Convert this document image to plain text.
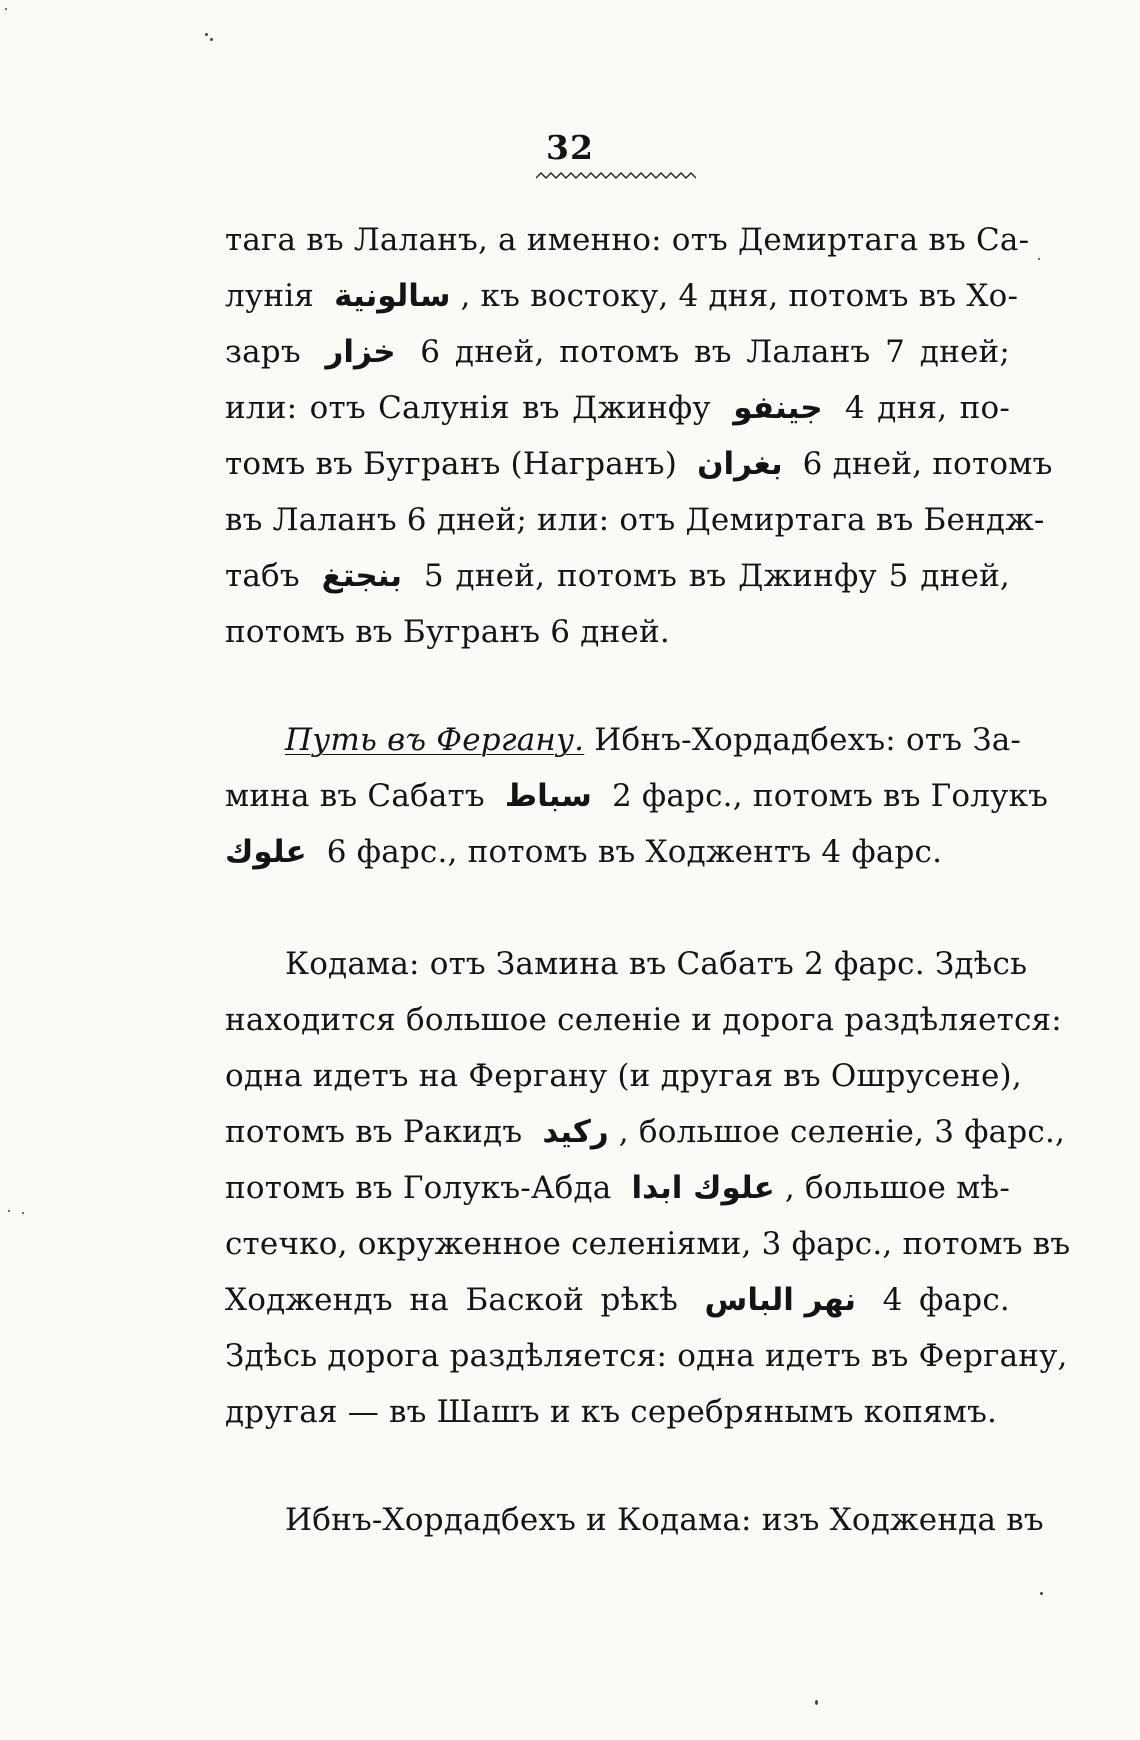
32
тага въ Лаланъ, а именно: отъ Демиртага въ Са-
лунія سالونية , къ востоку, 4 дня, потомъ въ Хо-
заръ خزار 6 дней, потомъ въ Лаланъ 7 дней;
или: отъ Салунія въ Джинфу جينفو 4 дня, по-
томъ въ Бугранъ (Награнъ) بغران 6 дней, потомъ
въ Лаланъ 6 дней; или: отъ Демиртага въ Бендж-
табъ بنجتغ 5 дней, потомъ въ Джинфу 5 дней,
потомъ въ Бугранъ 6 дней.
Путь въ Фергану. Ибнъ-Хордадбехъ: отъ За-
мина въ Сабатъ سباط 2 фарс., потомъ въ Голукъ
علوك 6 фарс., потомъ въ Ходжентъ 4 фарс.
Кодама: отъ Замина въ Сабатъ 2 фарс. Здѣсь
находится большое селеніе и дорога раздѣляется:
одна идетъ на Фергану (и другая въ Ошрусене),
потомъ въ Ракидъ ركيد , большое селеніе, 3 фарс.,
потомъ въ Голукъ-Абда علوك ابدا , большое мѣ-
стечко, окруженное селеніями, 3 фарс., потомъ въ
Ходжендъ на Баской рѣкѣ نهر الباس 4 фарс.
Здѣсь дорога раздѣляется: одна идетъ въ Фергану,
другая — въ Шашъ и къ серебрянымъ копямъ.
Ибнъ-Хордадбехъ и Кодама: изъ Ходженда въ
